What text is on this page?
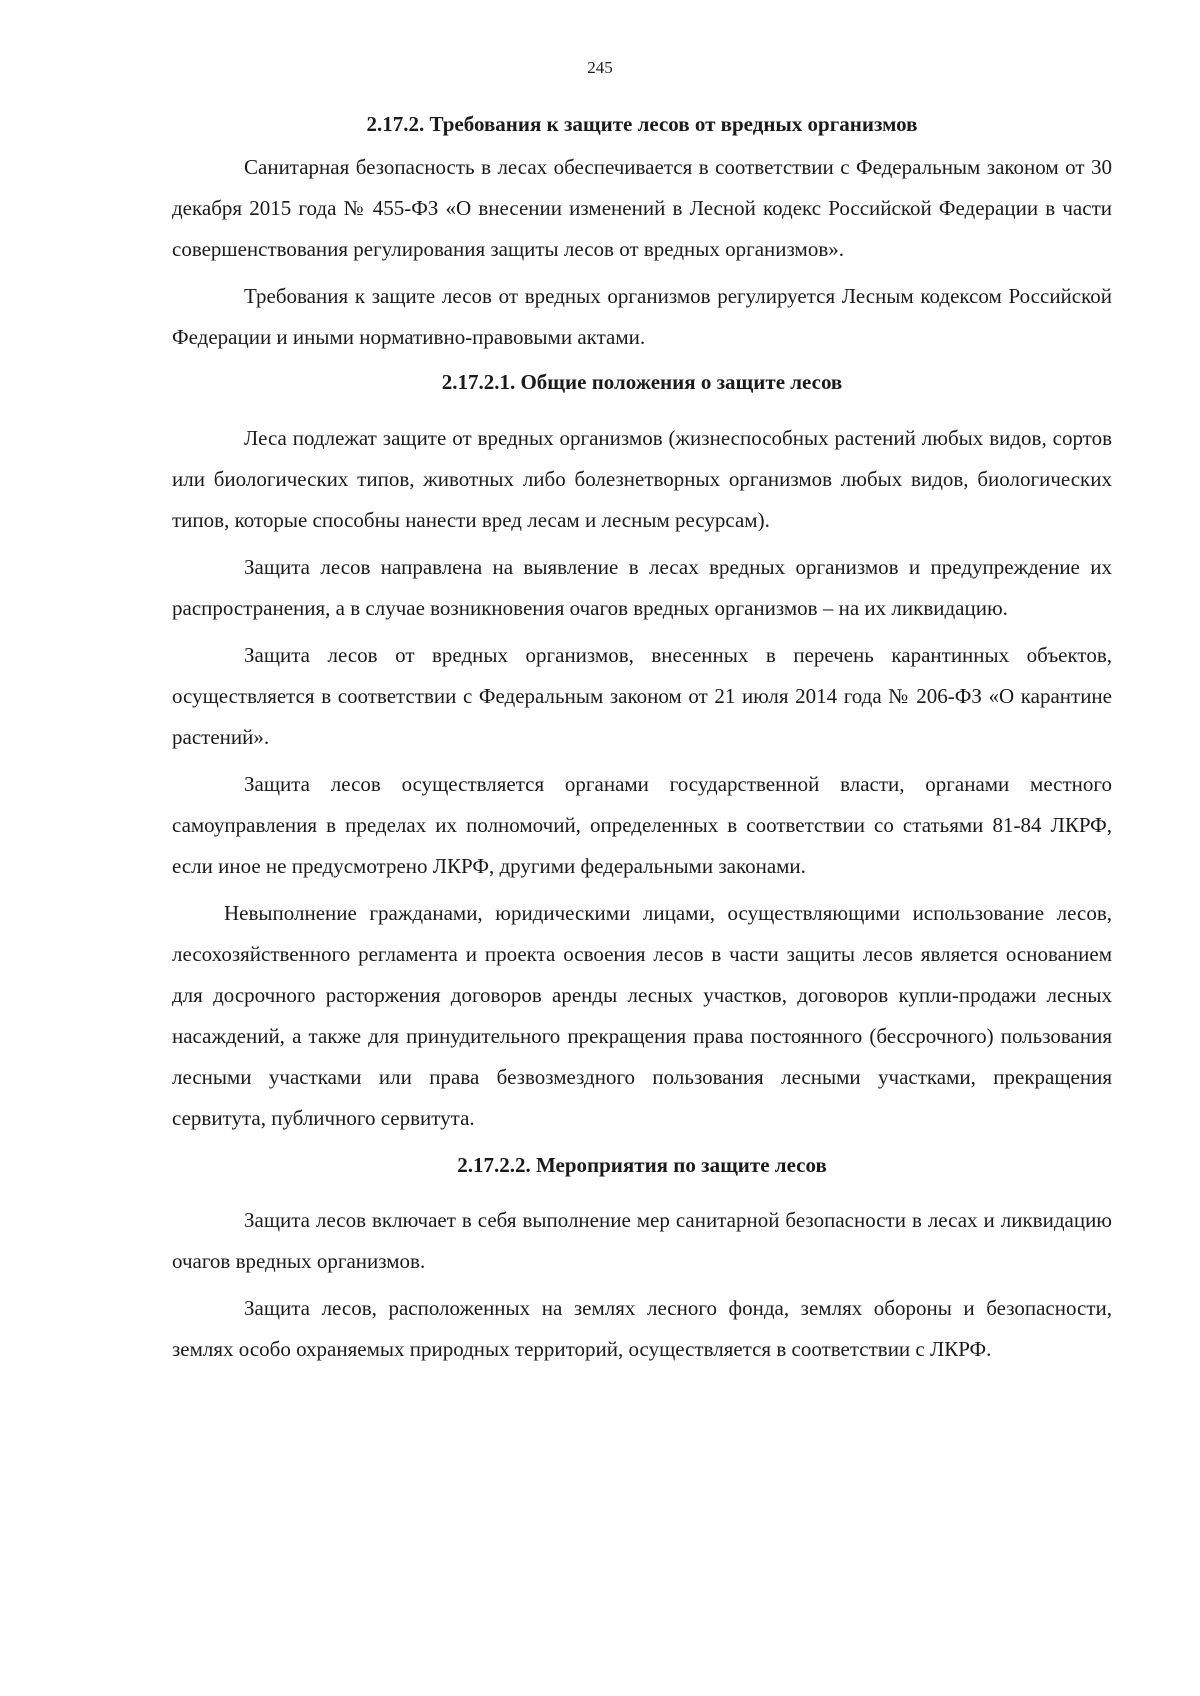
245
2.17.2. Требования к защите лесов от вредных организмов

Санитарная безопасность в лесах обеспечивается в соответствии с Федеральным законом от 30 декабря 2015 года № 455-ФЗ «О внесении изменений в Лесной кодекс Российской Федерации в части совершенствования регулирования защиты лесов от вредных организмов».

Требования к защите лесов от вредных организмов регулируется Лесным кодексом Российской Федерации и иными нормативно-правовыми актами.

2.17.2.1. Общие положения о защите лесов

Леса подлежат защите от вредных организмов (жизнеспособных растений любых видов, сортов или биологических типов, животных либо болезнетворных организмов любых видов, биологических типов, которые способны нанести вред лесам и лесным ресурсам).

Защита лесов направлена на выявление в лесах вредных организмов и предупреждение их распространения, а в случае возникновения очагов вредных организмов – на их ликвидацию.

Защита лесов от вредных организмов, внесенных в перечень карантинных объектов, осуществляется в соответствии с Федеральным законом от 21 июля 2014 года № 206-ФЗ «О карантине растений».

Защита лесов осуществляется органами государственной власти, органами местного самоуправления в пределах их полномочий, определенных в соответствии со статьями 81-84 ЛКРФ, если иное не предусмотрено ЛКРФ, другими федеральными законами.

Невыполнение гражданами, юридическими лицами, осуществляющими использование лесов, лесохозяйственного регламента и проекта освоения лесов в части защиты лесов является основанием для досрочного расторжения договоров аренды лесных участков, договоров купли-продажи лесных насаждений, а также для принудительного прекращения права постоянного (бессрочного) пользования лесными участками или права безвозмездного пользования лесными участками, прекращения сервитута, публичного сервитута.

2.17.2.2. Мероприятия по защите лесов

Защита лесов включает в себя выполнение мер санитарной безопасности в лесах и ликвидацию очагов вредных организмов.

Защита лесов, расположенных на землях лесного фонда, землях обороны и безопасности, землях особо охраняемых природных территорий, осуществляется в соответствии с ЛКРФ.
